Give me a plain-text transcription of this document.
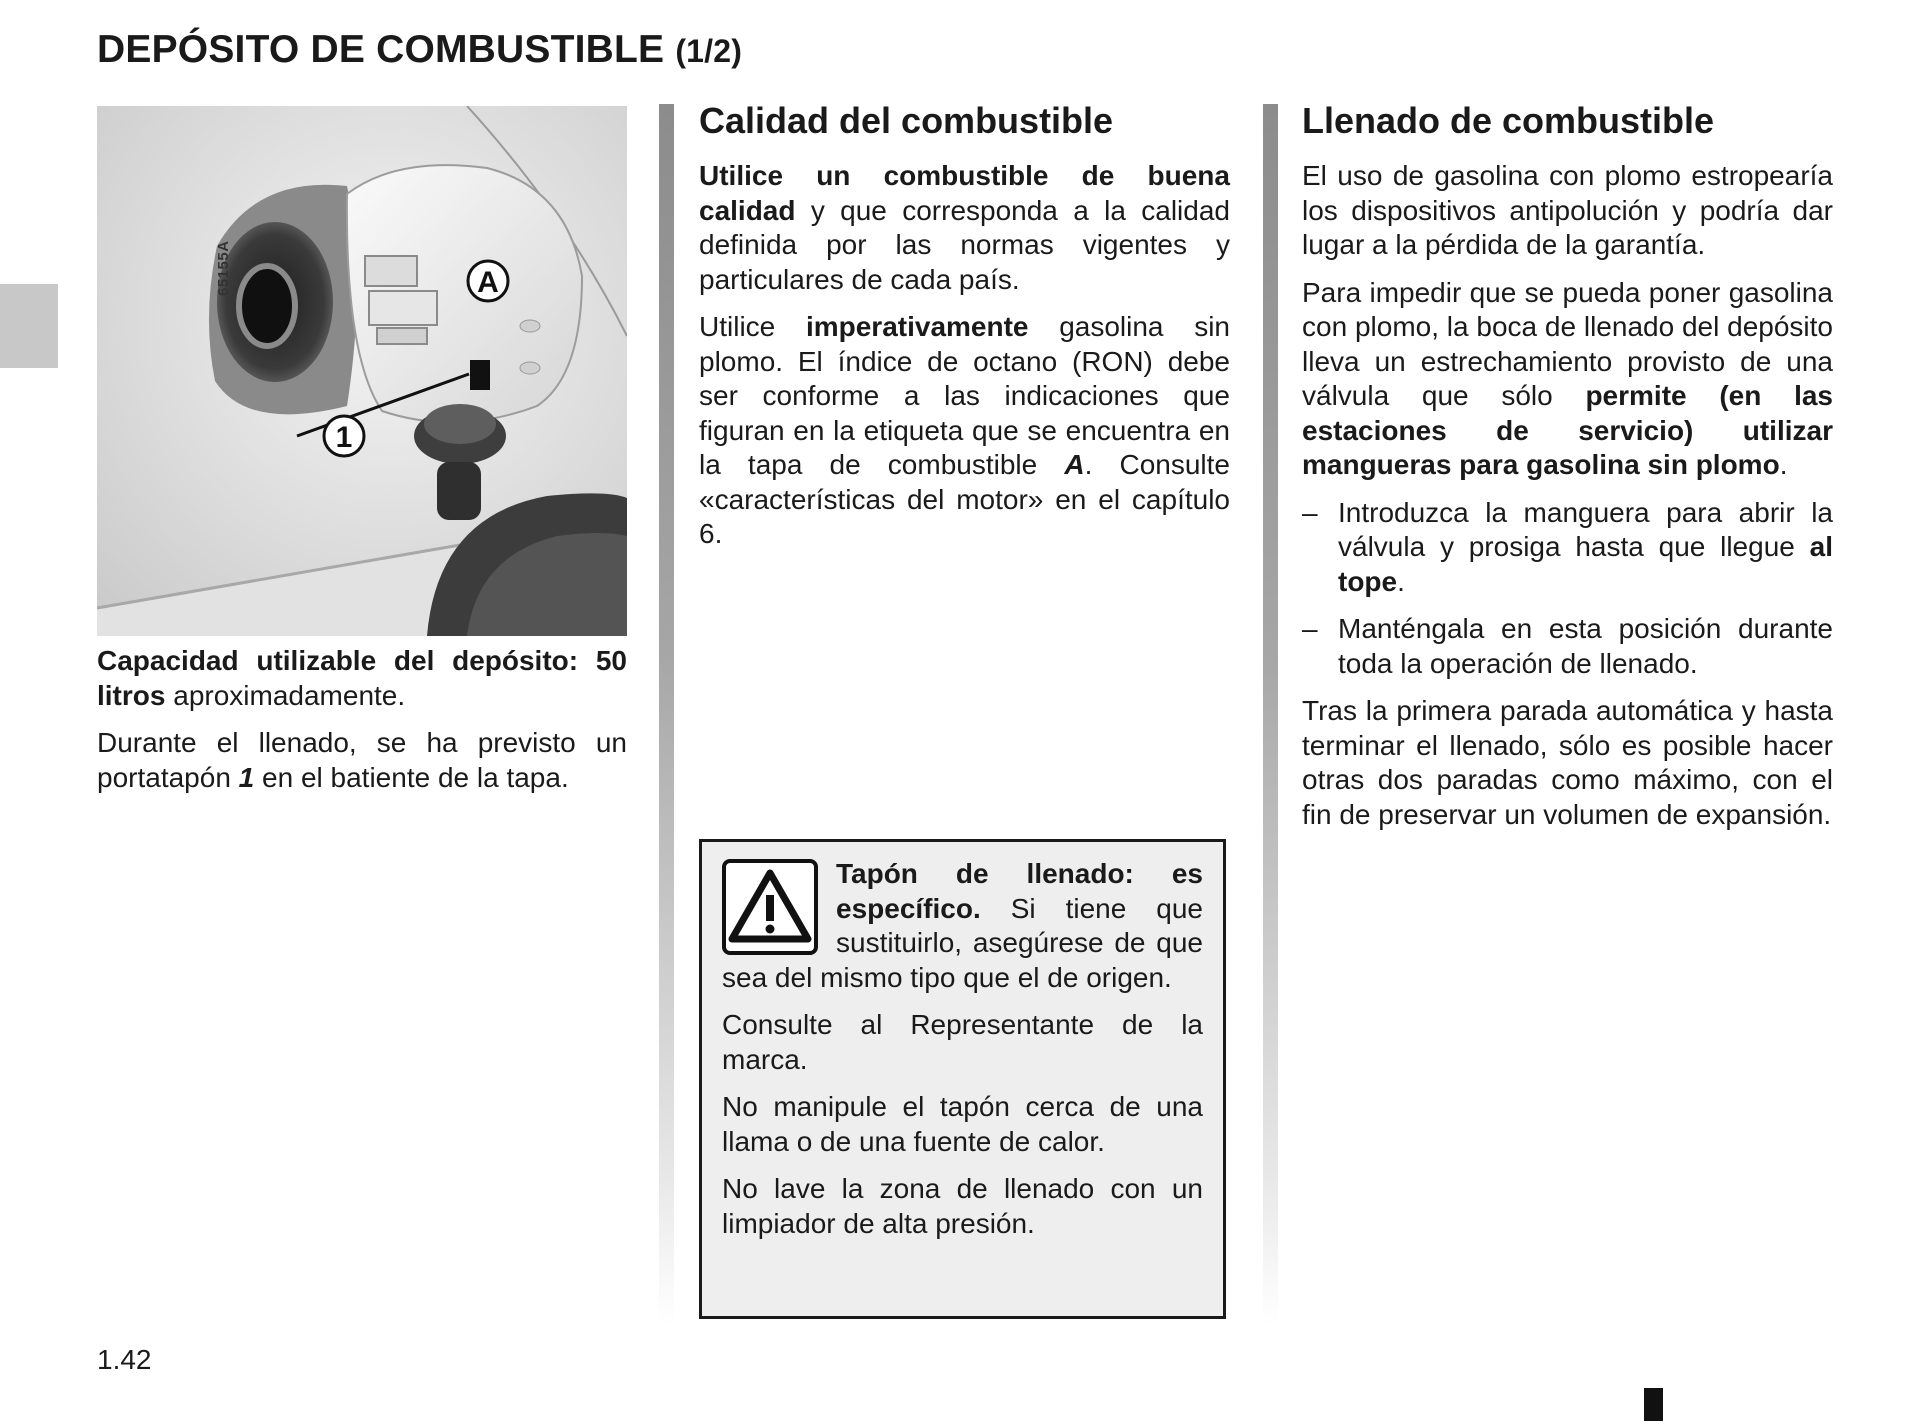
DEPÓSITO DE COMBUSTIBLE (1/2)
A
1
65155A

Capacidad utilizable del depósito: 50 litros aproximadamente.

Durante el llenado, se ha previsto un portatapón 1 en el batiente de la tapa.

Calidad del combustible

Utilice un combustible de buena calidad y que corresponda a la calidad definida por las normas vigentes y particulares de cada país.

Utilice imperativamente gasolina sin plomo. El índice de octano (RON) debe ser conforme a las indicaciones que figuran en la etiqueta que se encuentra en la tapa de combustible A. Consulte «características del motor» en el capítulo 6.

Tapón de llenado: es específico. Si tiene que sustituirlo, asegúrese de que sea del mismo tipo que el de origen.

Consulte al Representante de la marca.

No manipule el tapón cerca de una llama o de una fuente de calor.

No lave la zona de llenado con un limpiador de alta presión.

Llenado de combustible

El uso de gasolina con plomo estropearía los dispositivos antipolución y podría dar lugar a la pérdida de la garantía.

Para impedir que se pueda poner gasolina con plomo, la boca de llenado del depósito lleva un estrechamiento provisto de una válvula que sólo permite (en las estaciones de servicio) utilizar mangueras para gasolina sin plomo.

– Introduzca la manguera para abrir la válvula y prosiga hasta que llegue al tope.
– Manténgala en esta posición durante toda la operación de llenado.

Tras la primera parada automática y hasta terminar el llenado, sólo es posible hacer otras dos paradas como máximo, con el fin de preservar un volumen de expansión.

1.42
